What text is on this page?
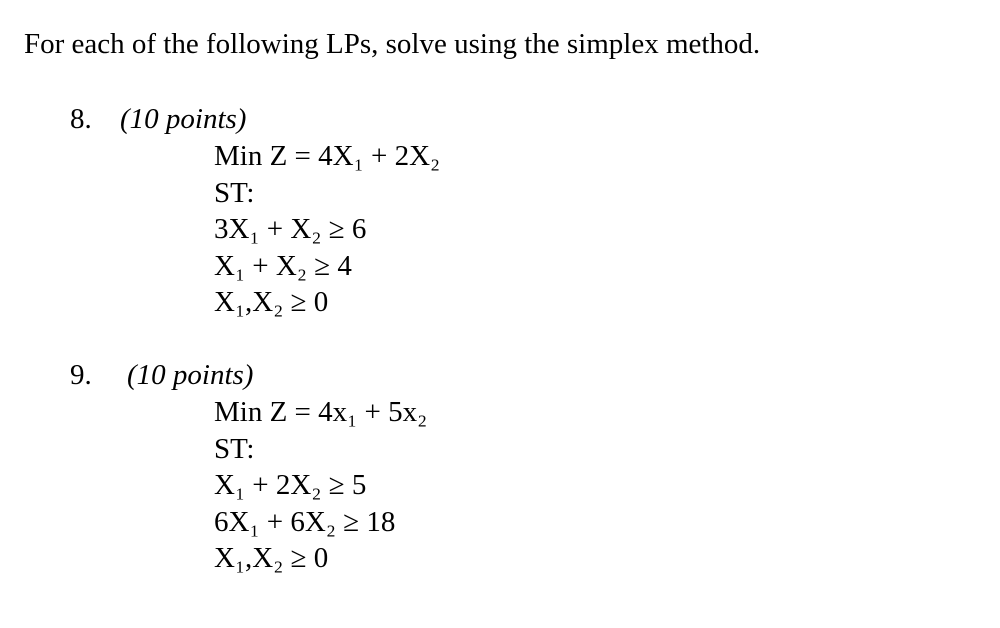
For each of the following LPs, solve using the simplex method.
8. (10 points)
Min Z = 4X₁ + 2X₂
ST:
3X₁ + X₂ ≥ 6
X₁ + X₂ ≥ 4
X₁,X₂ ≥ 0
9. (10 points)
Min Z = 4x₁ + 5x₂
ST:
X₁ + 2X₂ ≥ 5
6X₁ + 6X₂ ≥ 18
X₁,X₂ ≥ 0
